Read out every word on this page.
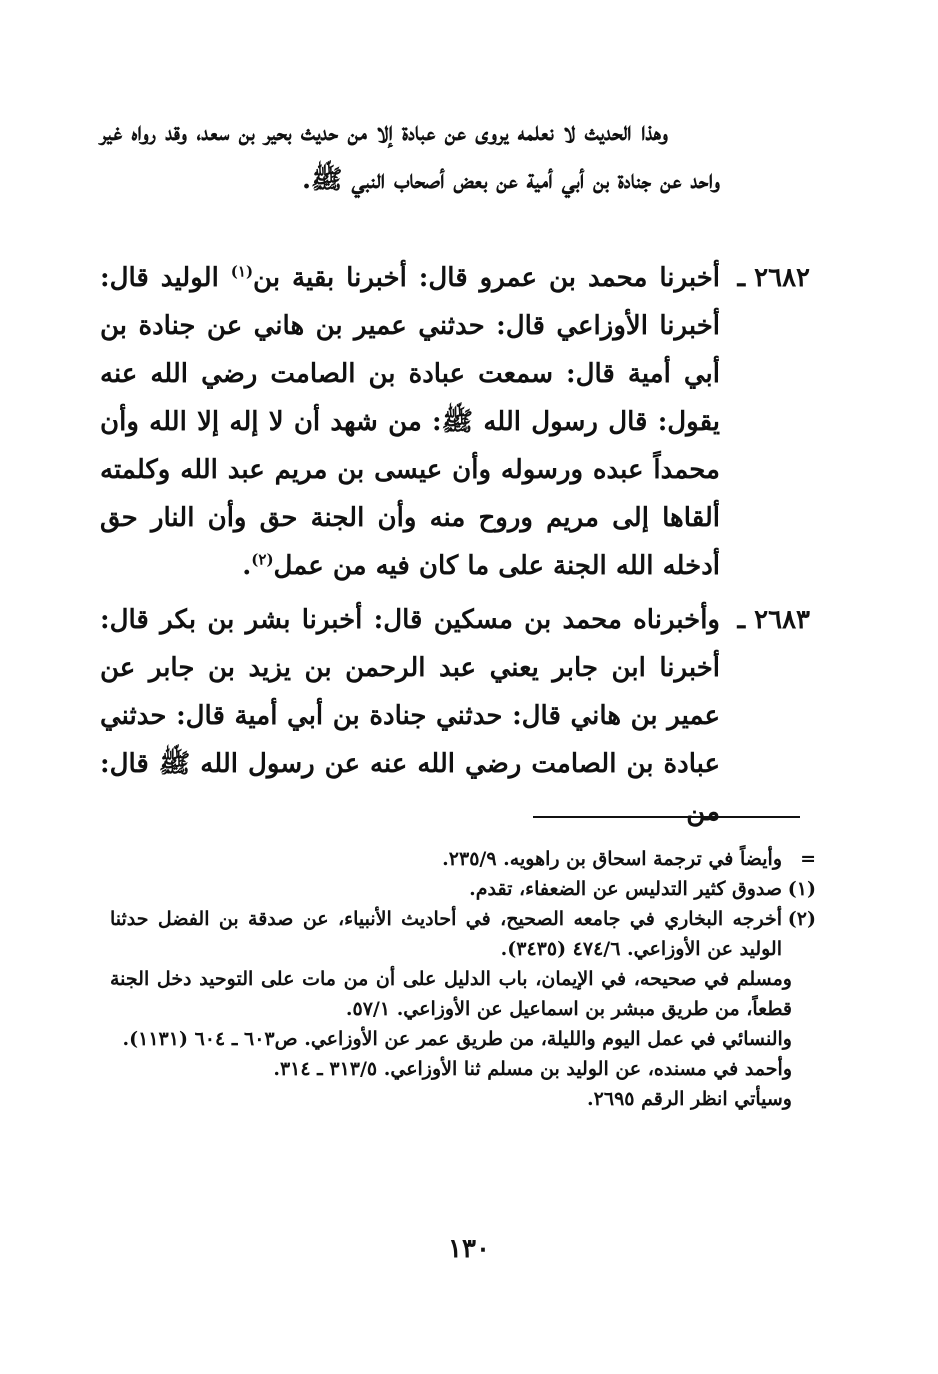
وهذا الحديث لا نعلمه يروى عن عبادة إلا من حديث بحير بن سعد، وقد رواه غير واحد عن جنادة بن أبي أمية عن بعض أصحاب النبي ﷺ.
٢٦٨٢ ـ
أخبرنا محمد بن عمرو قال: أخبرنا بقية بن$^{(١)}$ الوليد قال: أخبرنا الأوزاعي قال: حدثني عمير بن هاني عن جنادة بن أبي أمية قال: سمعت عبادة بن الصامت رضي الله عنه يقول: قال رسول الله ﷺ: من شهد أن لا إله إلا الله وأن محمداً عبده ورسوله وأن عيسى بن مريم عبد الله وكلمته ألقاها إلى مريم وروح منه وأن الجنة حق وأن النار حق أدخله الله الجنة على ما كان فيه من عمل$^{(٢)}$.
٢٦٨٣ ـ
وأخبرناه محمد بن مسكين قال: أخبرنا بشر بن بكر قال: أخبرنا ابن جابر يعني عبد الرحمن بن يزيد بن جابر عن عمير بن هاني قال: حدثني جنادة بن أبي أمية قال: حدثني عبادة بن الصامت رضي الله عنه عن رسول الله ﷺ قال: من
=
وأيضاً في ترجمة اسحاق بن راهويه. ٢٣٥/٩.
(١)
صدوق كثير التدليس عن الضعفاء، تقدم.
(٢)
أخرجه البخاري في جامعه الصحيح، في أحاديث الأنبياء، عن صدقة بن الفضل حدثنا الوليد عن الأوزاعي. ٤٧٤/٦ (٣٤٣٥).
ومسلم في صحيحه، في الإيمان، باب الدليل على أن من مات على التوحيد دخل الجنة قطعاً، من طريق مبشر بن اسماعيل عن الأوزاعي. ٥٧/١.
والنسائي في عمل اليوم والليلة، من طريق عمر عن الأوزاعي. ص٦٠٣ ـ ٦٠٤ (١١٣١).
وأحمد في مسنده، عن الوليد بن مسلم ثنا الأوزاعي. ٣١٣/٥ ـ ٣١٤.
وسيأتي انظر الرقم ٢٦٩٥.
١٣٠
